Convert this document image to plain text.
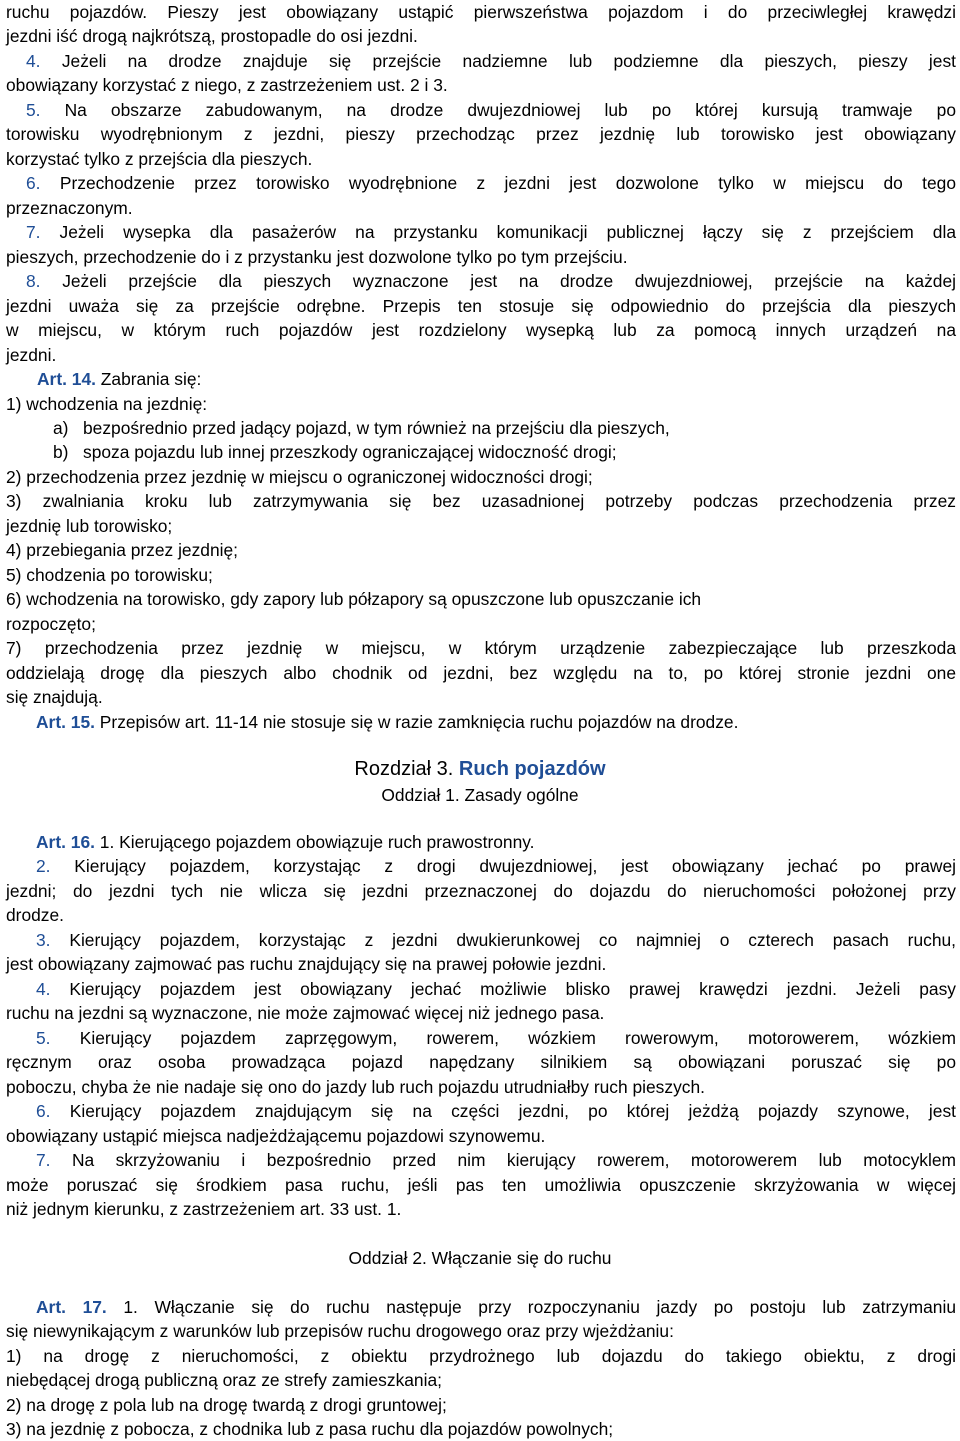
ruchu pojazdów. Pieszy jest obowiązany ustąpić pierwszeństwa pojazdom i do przeciwległej krawędzi
jezdni iść drogą najkrótszą, prostopadle do osi jezdni.
4. Jeżeli na drodze znajduje się przejście nadziemne lub podziemne dla pieszych, pieszy jest
obowiązany korzystać z niego, z zastrzeżeniem ust. 2 i 3.
5. Na obszarze zabudowanym, na drodze dwujezdniowej lub po której kursują tramwaje po
torowisku wyodrębnionym z jezdni, pieszy przechodząc przez jezdnię lub torowisko jest obowiązany
korzystać tylko z przejścia dla pieszych.
6. Przechodzenie przez torowisko wyodrębnione z jezdni jest dozwolone tylko w miejscu do tego
przeznaczonym.
7. Jeżeli wysepka dla pasażerów na przystanku komunikacji publicznej łączy się z przejściem dla
pieszych, przechodzenie do i z przystanku jest dozwolone tylko po tym przejściu.
8. Jeżeli przejście dla pieszych wyznaczone jest na drodze dwujezdniowej, przejście na każdej
jezdni uważa się za przejście odrębne. Przepis ten stosuje się odpowiednio do przejścia dla pieszych
w miejscu, w którym ruch pojazdów jest rozdzielony wysepką lub za pomocą innych urządzeń na
jezdni.
Art. 14. Zabrania się:
1) wchodzenia na jezdnię:
a) bezpośrednio przed jadący pojazd, w tym również na przejściu dla pieszych,
b) spoza pojazdu lub innej przeszkody ograniczającej widoczność drogi;
2) przechodzenia przez jezdnię w miejscu o ograniczonej widoczności drogi;
3) zwalniania kroku lub zatrzymywania się bez uzasadnionej potrzeby podczas przechodzenia przez
jezdnię lub torowisko;
4) przebiegania przez jezdnię;
5) chodzenia po torowisku;
6) wchodzenia na torowisko, gdy zapory lub półzapory są opuszczone lub opuszczanie ich
rozpoczęto;
7) przechodzenia przez jezdnię w miejscu, w którym urządzenie zabezpieczające lub przeszkoda
oddzielają drogę dla pieszych albo chodnik od jezdni, bez względu na to, po której stronie jezdni one
się znajdują.
Art. 15. Przepisów art. 11-14 nie stosuje się w razie zamknięcia ruchu pojazdów na drodze.
Rozdział 3. Ruch pojazdów
Oddział 1. Zasady ogólne
Art. 16. 1. Kierującego pojazdem obowiązuje ruch prawostronny.
2. Kierujący pojazdem, korzystając z drogi dwujezdniowej, jest obowiązany jechać po prawej
jezdni; do jezdni tych nie wlicza się jezdni przeznaczonej do dojazdu do nieruchomości położonej przy
drodze.
3. Kierujący pojazdem, korzystając z jezdni dwukierunkowej co najmniej o czterech pasach ruchu,
jest obowiązany zajmować pas ruchu znajdujący się na prawej połowie jezdni.
4. Kierujący pojazdem jest obowiązany jechać możliwie blisko prawej krawędzi jezdni. Jeżeli pasy
ruchu na jezdni są wyznaczone, nie może zajmować więcej niż jednego pasa.
5. Kierujący pojazdem zaprzęgowym, rowerem, wózkiem rowerowym, motorowerem, wózkiem
ręcznym oraz osoba prowadząca pojazd napędzany silnikiem są obowiązani poruszać się po
poboczu, chyba że nie nadaje się ono do jazdy lub ruch pojazdu utrudniałby ruch pieszych.
6. Kierujący pojazdem znajdującym się na części jezdni, po której jeżdżą pojazdy szynowe, jest
obowiązany ustąpić miejsca nadjeżdżającemu pojazdowi szynowemu.
7. Na skrzyżowaniu i bezpośrednio przed nim kierujący rowerem, motorowerem lub motocyklem
może poruszać się środkiem pasa ruchu, jeśli pas ten umożliwia opuszczenie skrzyżowania w więcej
niż jednym kierunku, z zastrzeżeniem art. 33 ust. 1.
Oddział 2. Włączanie się do ruchu
Art. 17. 1. Włączanie się do ruchu następuje przy rozpoczynaniu jazdy po postoju lub zatrzymaniu
się niewynikającym z warunków lub przepisów ruchu drogowego oraz przy wjeżdżaniu:
1) na drogę z nieruchomości, z obiektu przydrożnego lub dojazdu do takiego obiektu, z drogi
niebędącej drogą publiczną oraz ze strefy zamieszkania;
2) na drogę z pola lub na drogę twardą z drogi gruntowej;
3) na jezdnię z pobocza, z chodnika lub z pasa ruchu dla pojazdów powolnych;
